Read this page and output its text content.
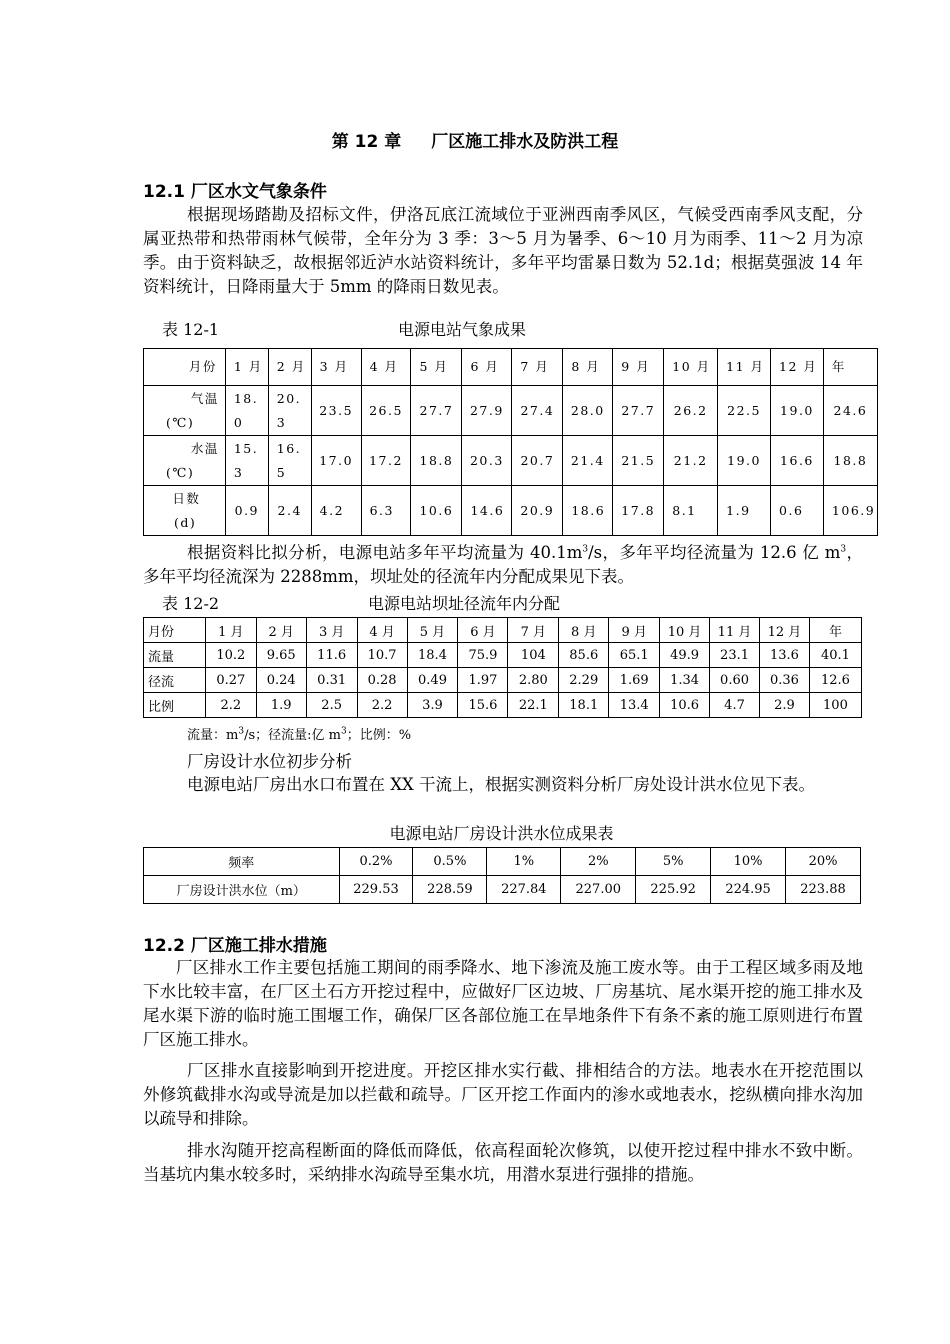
第 12 章 厂区施工排水及防洪工程
12.1 厂区水文气象条件
根据现场踏勘及招标文件，伊洛瓦底江流域位于亚洲西南季风区，气候受西南季风支配，分属亚热带和热带雨林气候带，全年分为 3 季：3～5 月为暑季、6～10 月为雨季、11～2 月为凉季。由于资料缺乏，故根据邻近泸水站资料统计，多年平均雷暴日数为 52.1d；根据莫强波 14 年资料统计，日降雨量大于 5mm 的降雨日数见表。
表 12-1	电源电站气象成果
月份	1 月	2 月	3 月	4 月	5 月	6 月	7 月	8 月	9 月	10 月	11 月	12 月	年

气温
(℃)	18.0	20.3	23.5	26.5	27.7	27.9	27.4	28.0	27.7	26.2	22.5	19.0	24.6

水温
(℃)	15.3	16.5	17.0	17.2	18.8	20.3	20.7	21.4	21.5	21.2	19.0	16.6	18.8

日数
(d)	0.9	2.4	4.2	6.3	10.6	14.6	20.9	18.6	17.8	8.1	1.9	0.6	106.9
根据资料比拟分析，电源电站多年平均流量为 $40.1m^3/s$，多年平均径流量为 12.6 亿 $m^3$，多年平均径流深为 2288mm，坝址处的径流年内分配成果见下表。
表 12-2	电源电站坝址径流年内分配
月份	1 月	2 月	3 月	4 月	5 月	6 月	7 月	8 月	9 月	10 月	11 月	12 月	年
流量	10.2	9.65	11.6	10.7	18.4	75.9	104	85.6	65.1	49.9	23.1	13.6	40.1
径流	0.27	0.24	0.31	0.28	0.49	1.97	2.80	2.29	1.69	1.34	0.60	0.36	12.6
比例	2.2	1.9	2.5	2.2	3.9	15.6	22.1	18.1	13.4	10.6	4.7	2.9	100
流量：$m^3/s$；径流量:亿 $m^3$；比例：%
厂房设计水位初步分析
电源电站厂房出水口布置在 XX 干流上，根据实测资料分析厂房处设计洪水位见下表。
电源电站厂房设计洪水位成果表
频率	0.2%	0.5%	1%	2%	5%	10%	20%
厂房设计洪水位（m）	229.53	228.59	227.84	227.00	225.92	224.95	223.88
12.2 厂区施工排水措施
厂区排水工作主要包括施工期间的雨季降水、地下渗流及施工废水等。由于工程区域多雨及地下水比较丰富，在厂区土石方开挖过程中，应做好厂区边坡、厂房基坑、尾水渠开挖的施工排水及尾水渠下游的临时施工围堰工作，确保厂区各部位施工在旱地条件下有条不紊的施工原则进行布置厂区施工排水。
厂区排水直接影响到开挖进度。开挖区排水实行截、排相结合的方法。地表水在开挖范围以外修筑截排水沟或导流是加以拦截和疏导。厂区开挖工作面内的渗水或地表水，挖纵横向排水沟加以疏导和排除。
排水沟随开挖高程断面的降低而降低，依高程面轮次修筑，以使开挖过程中排水不致中断。当基坑内集水较多时，采纳排水沟疏导至集水坑，用潜水泵进行强排的措施。
